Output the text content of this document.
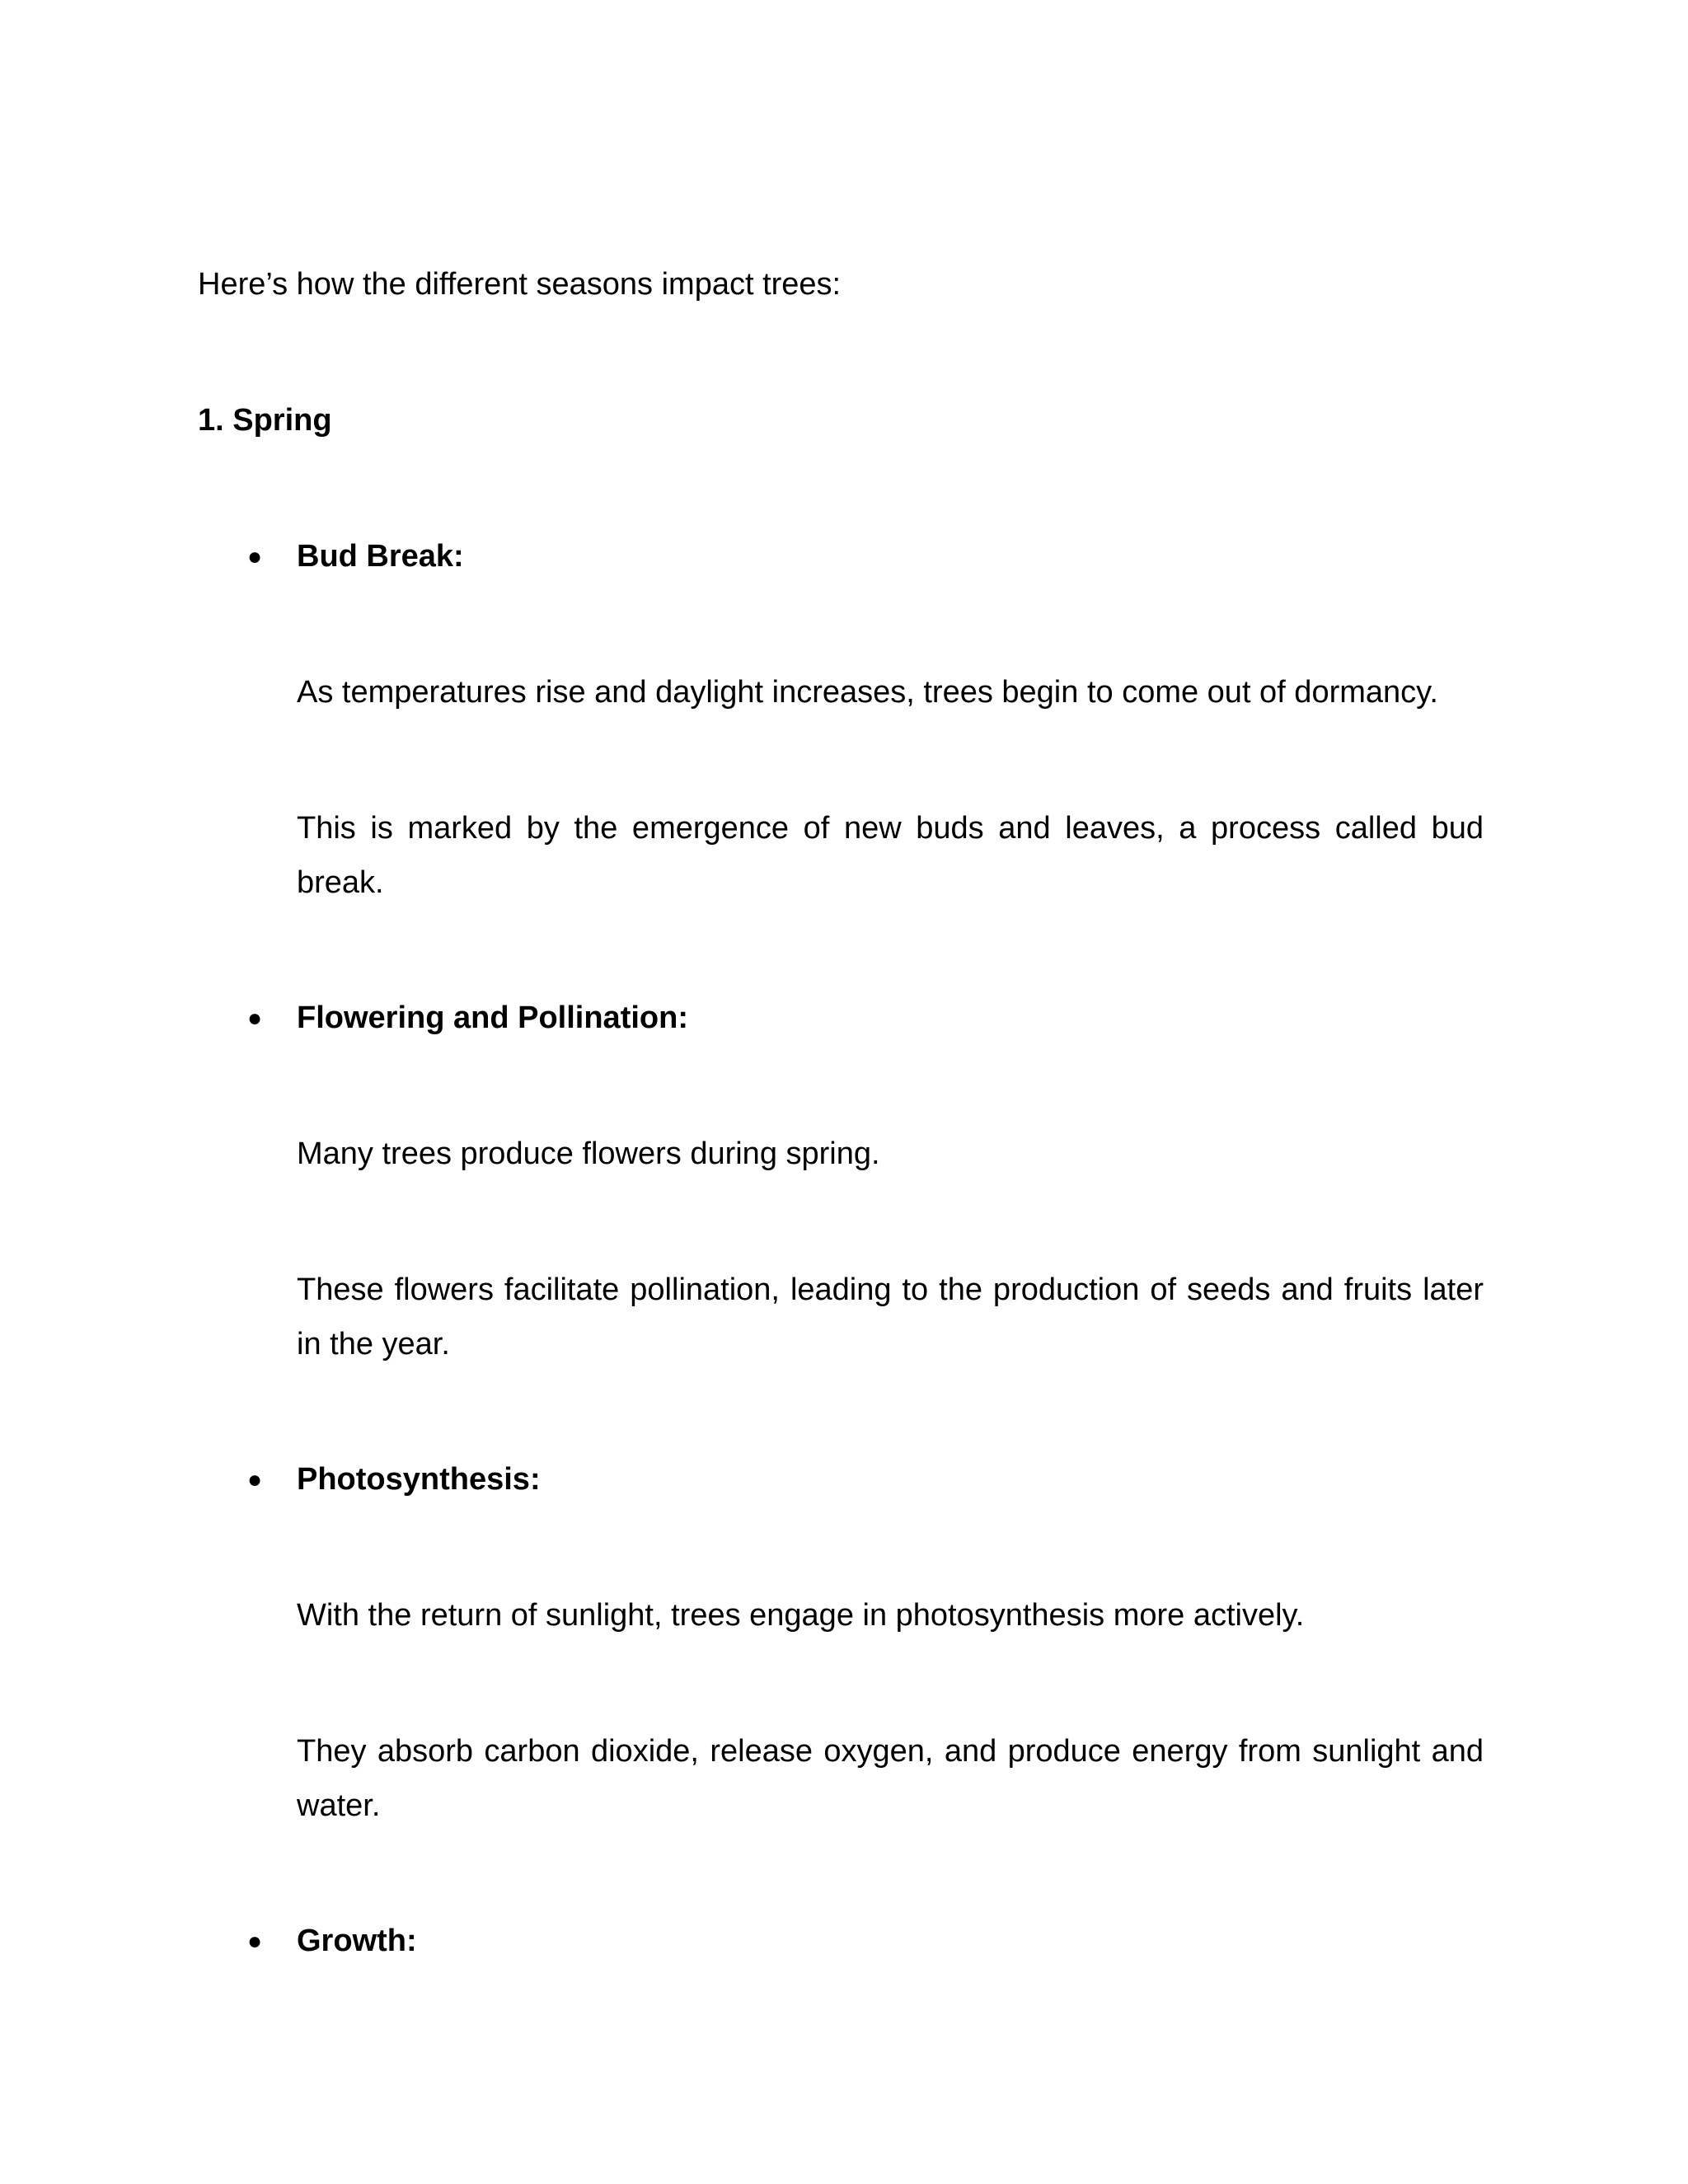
Here’s how the different seasons impact trees:

1. Spring

● Bud Break:

As temperatures rise and daylight increases, trees begin to come out of dormancy.

This is marked by the emergence of new buds and leaves, a process called bud break.

● Flowering and Pollination:

Many trees produce flowers during spring.

These flowers facilitate pollination, leading to the production of seeds and fruits later in the year.

● Photosynthesis:

With the return of sunlight, trees engage in photosynthesis more actively.

They absorb carbon dioxide, release oxygen, and produce energy from sunlight and water.

● Growth:
